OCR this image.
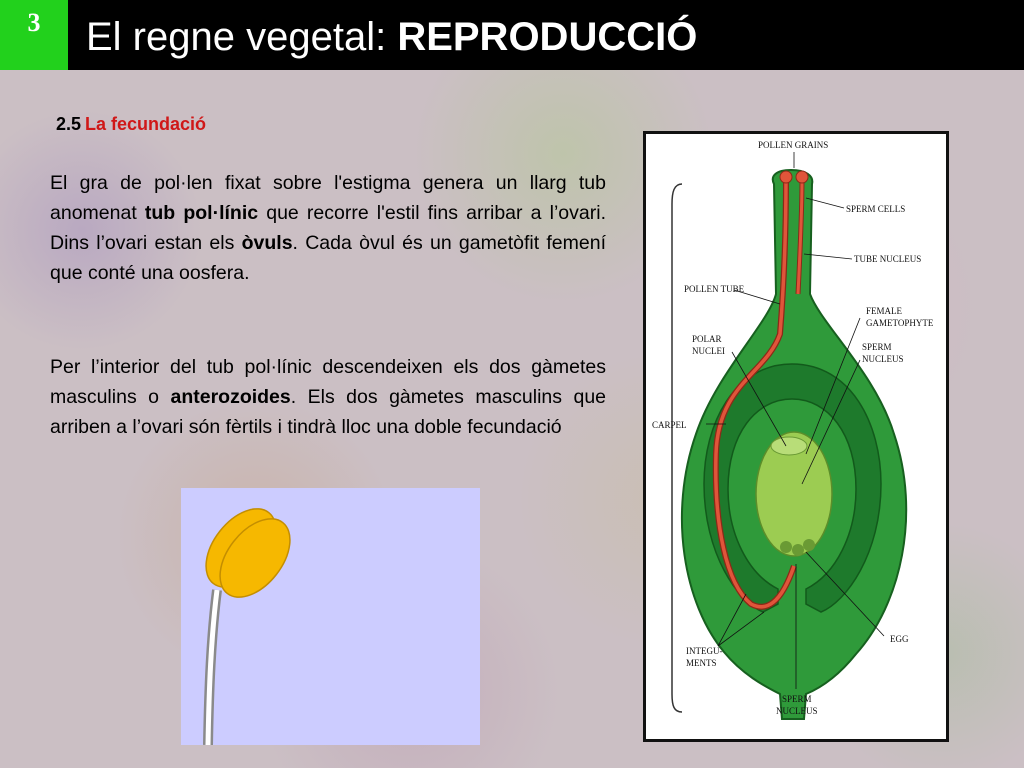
3 El regne vegetal: REPRODUCCIÓ
2.5 La fecundació
El gra de pol·len fixat sobre l'estigma genera un llarg tub anomenat tub pol·línic que recorre l'estil fins arribar a l’ovari. Dins l’ovari estan els òvuls. Cada òvul és un gametòfit femení que conté una oosfera.
Per l’interior del tub pol·línic descendeixen els dos gàmetes masculins o anterozoides. Els dos gàmetes masculins que arriben a l’ovari són fèrtils i tindrà lloc una doble fecundació
POLLEN GRAINS
SPERM CELLS
TUBE NUCLEUS
POLLEN TUBE
FEMALE
GAMETOPHYTE
POLAR
NUCLEI	SPERM
NUCLEUS
CARPEL
INTEGU-
MENTS
EGG
SPERM
NUCLEUS
